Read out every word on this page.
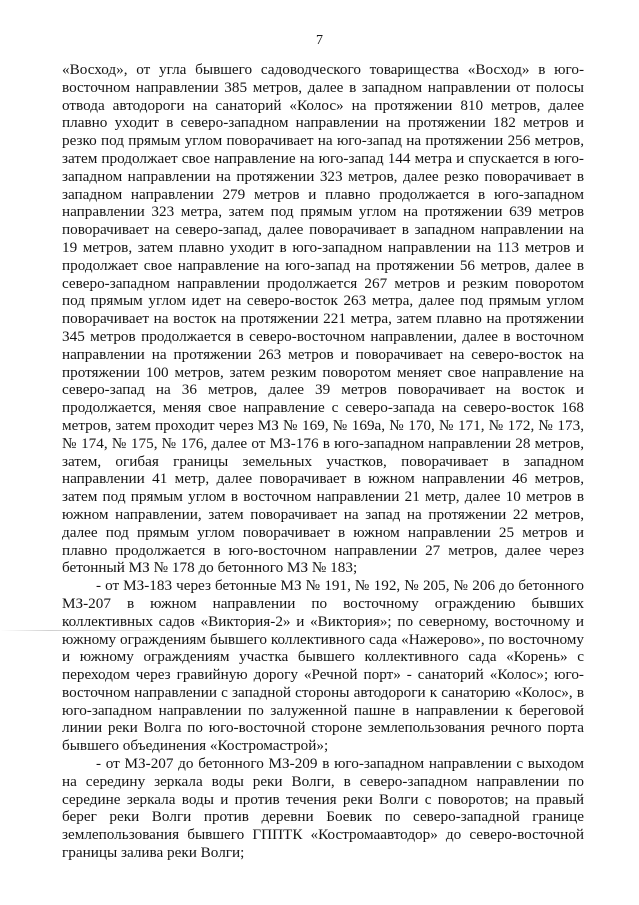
7

«Восход», от угла бывшего садоводческого товарищества «Восход» в юго-восточном направлении 385 метров, далее в западном направлении от полосы отвода автодороги на санаторий «Колос» на протяжении 810 метров, далее плавно уходит в северо-западном направлении на протяжении 182 метров и резко под прямым углом поворачивает на юго-запад на протяжении 256 метров, затем продолжает свое направление на юго-запад 144 метра и спускается в юго-западном направлении на протяжении 323 метров, далее резко поворачивает в западном направлении 279 метров и плавно продолжается в юго-западном направлении 323 метра, затем под прямым углом на протяжении 639 метров поворачивает на северо-запад, далее поворачивает в западном направлении на 19 метров, затем плавно уходит в юго-западном направлении на 113 метров и продолжает свое направление на юго-запад на протяжении 56 метров, далее в северо-западном направлении продолжается 267 метров и резким поворотом под прямым углом идет на северо-восток 263 метра, далее под прямым углом поворачивает на восток на протяжении 221 метра, затем плавно на протяжении 345 метров продолжается в северо-восточном направлении, далее в восточном направлении на протяжении 263 метров и поворачивает на северо-восток на протяжении 100 метров, затем резким поворотом меняет свое направление на северо-запад на 36 метров, далее 39 метров поворачивает на восток и продолжается, меняя свое направление с северо-запада на северо-восток 168 метров, затем проходит через МЗ № 169, № 169а, № 170, № 171, № 172, № 173, № 174, № 175, № 176, далее от МЗ-176 в юго-западном направлении 28 метров, затем, огибая границы земельных участков, поворачивает в западном направлении 41 метр, далее поворачивает в южном направлении 46 метров, затем под прямым углом в восточном направлении 21 метр, далее 10 метров в южном направлении, затем поворачивает на запад на протяжении 22 метров, далее под прямым углом поворачивает в южном направлении 25 метров и плавно продолжается в юго-восточном направлении 27 метров, далее через бетонный МЗ № 178 до бетонного МЗ № 183;

- от МЗ-183 через бетонные МЗ № 191, № 192, № 205, № 206 до бетонного МЗ-207 в южном направлении по восточному ограждению бывших коллективных садов «Виктория-2» и «Виктория»; по северному, восточному и южному ограждениям бывшего коллективного сада «Нажерово», по восточному и южному ограждениям участка бывшего коллективного сада «Корень» с переходом через гравийную дорогу «Речной порт» - санаторий «Колос»; юго-восточном направлении с западной стороны автодороги к санаторию «Колос», в юго-западном направлении по залуженной пашне в направлении к береговой линии реки Волга по юго-восточной стороне землепользования речного порта бывшего объединения «Костромастрой»;

- от МЗ-207 до бетонного МЗ-209 в юго-западном направлении с выходом на середину зеркала воды реки Волги, в северо-западном направлении по середине зеркала воды и против течения реки Волги с поворотов; на правый берег реки Волги против деревни Боевик по северо-западной границе землепользования бывшего ГППТК «Костромаавтодор» до северо-восточной границы залива реки Волги;
